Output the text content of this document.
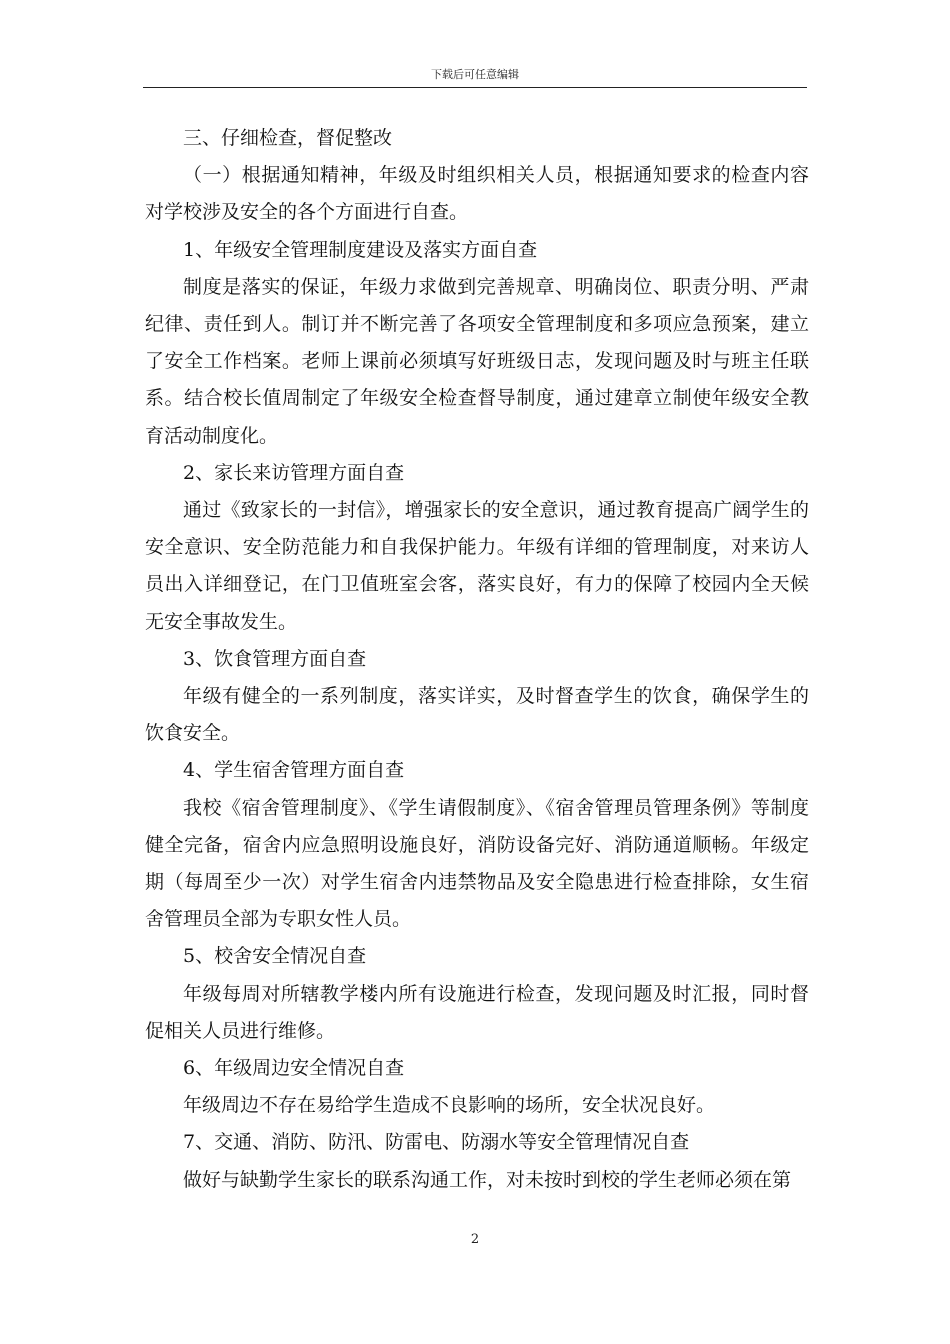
下载后可任意编辑

三、仔细检查，督促整改

（一）根据通知精神，年级及时组织相关人员，根据通知要求的检查内容对学校涉及安全的各个方面进行自查。

1、年级安全管理制度建设及落实方面自查

制度是落实的保证，年级力求做到完善规章、明确岗位、职责分明、严肃纪律、责任到人。制订并不断完善了各项安全管理制度和多项应急预案，建立了安全工作档案。老师上课前必须填写好班级日志，发现问题及时与班主任联系。结合校长值周制定了年级安全检查督导制度，通过建章立制使年级安全教育活动制度化。

2、家长来访管理方面自查

通过《致家长的一封信》，增强家长的安全意识，通过教育提高广阔学生的安全意识、安全防范能力和自我保护能力。年级有详细的管理制度，对来访人员出入详细登记，在门卫值班室会客，落实良好，有力的保障了校园内全天候无安全事故发生。

3、饮食管理方面自查

年级有健全的一系列制度，落实详实，及时督查学生的饮食，确保学生的饮食安全。

4、学生宿舍管理方面自查

我校《宿舍管理制度》、《学生请假制度》、《宿舍管理员管理条例》等制度健全完备，宿舍内应急照明设施良好，消防设备完好、消防通道顺畅。年级定期（每周至少一次）对学生宿舍内违禁物品及安全隐患进行检查排除，女生宿舍管理员全部为专职女性人员。

5、校舍安全情况自查

年级每周对所辖教学楼内所有设施进行检查，发现问题及时汇报，同时督促相关人员进行维修。

6、年级周边安全情况自查

年级周边不存在易给学生造成不良影响的场所，安全状况良好。

7、交通、消防、防汛、防雷电、防溺水等安全管理情况自查

做好与缺勤学生家长的联系沟通工作，对未按时到校的学生老师必须在第

2
